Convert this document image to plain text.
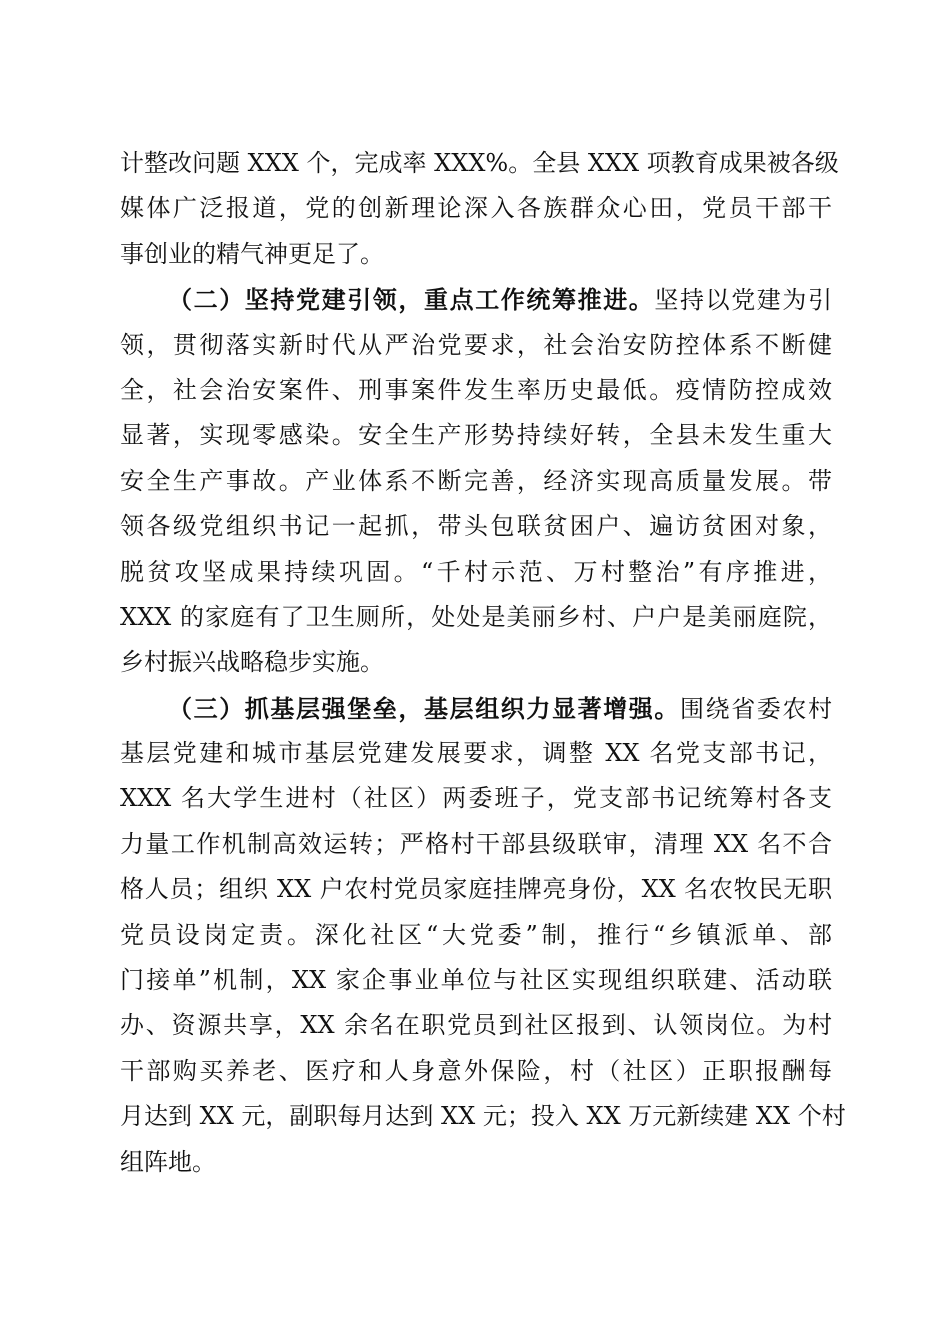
计整改问题 XXX 个，完成率 XXX%。全县 XXX 项教育成果被各级
媒体广泛报道，党的创新理论深入各族群众心田，党员干部干
事创业的精气神更足了。
（二）坚持党建引领，重点工作统筹推进。坚持以党建为引
领，贯彻落实新时代从严治党要求，社会治安防控体系不断健
全，社会治安案件、刑事案件发生率历史最低。疫情防控成效
显著，实现零感染。安全生产形势持续好转，全县未发生重大
安全生产事故。产业体系不断完善，经济实现高质量发展。带
领各级党组织书记一起抓，带头包联贫困户、遍访贫困对象，
脱贫攻坚成果持续巩固。“千村示范、万村整治”有序推进，
XXX 的家庭有了卫生厕所，处处是美丽乡村、户户是美丽庭院，
乡村振兴战略稳步实施。
（三）抓基层强堡垒，基层组织力显著增强。围绕省委农村
基层党建和城市基层党建发展要求，调整 XX 名党支部书记，
XXX 名大学生进村（社区）两委班子，党支部书记统筹村各支
力量工作机制高效运转；严格村干部县级联审，清理 XX 名不合
格人员；组织 XX 户农村党员家庭挂牌亮身份，XX 名农牧民无职
党员设岗定责。深化社区“大党委”制，推行“乡镇派单、部
门接单”机制，XX 家企事业单位与社区实现组织联建、活动联
办、资源共享，XX 余名在职党员到社区报到、认领岗位。为村
干部购买养老、医疗和人身意外保险，村（社区）正职报酬每
月达到 XX 元，副职每月达到 XX 元；投入 XX 万元新续建 XX 个村
组阵地。
